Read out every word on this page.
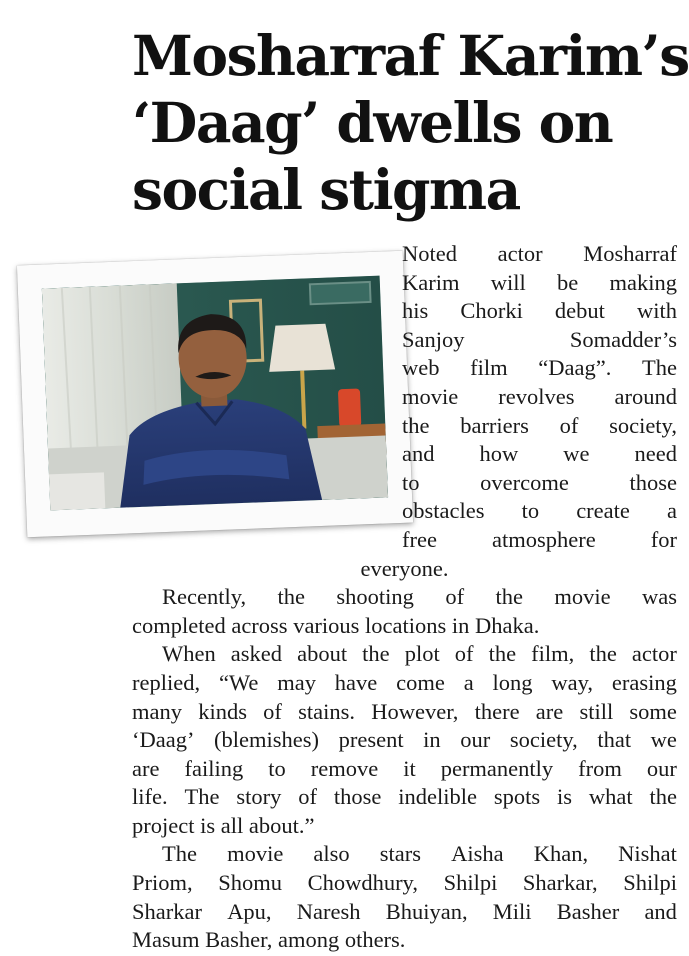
Mosharraf Karim’s
‘Daag’ dwells on
social stigma
Noted actor Mosharraf
Karim will be making
his Chorki debut with
Sanjoy	Somadder’s
web film “Daag”. The
movie revolves around
the barriers of society,
and how we need
to	overcome	those
obstacles to create a
free atmosphere for
everyone.
Recently, the shooting of the movie was
completed across various locations in Dhaka.
When asked about the plot of the film, the actor
replied, “We may have come a long way, erasing
many kinds of stains. However, there are still some
‘Daag’ (blemishes) present in our society, that we
are failing to remove it permanently from our
life. The story of those indelible spots is what the
project is all about.”
The movie also stars Aisha Khan, Nishat
Priom, Shomu Chowdhury, Shilpi Sharkar, Shilpi
Sharkar Apu, Naresh Bhuiyan, Mili Basher and
Masum Basher, among others.
